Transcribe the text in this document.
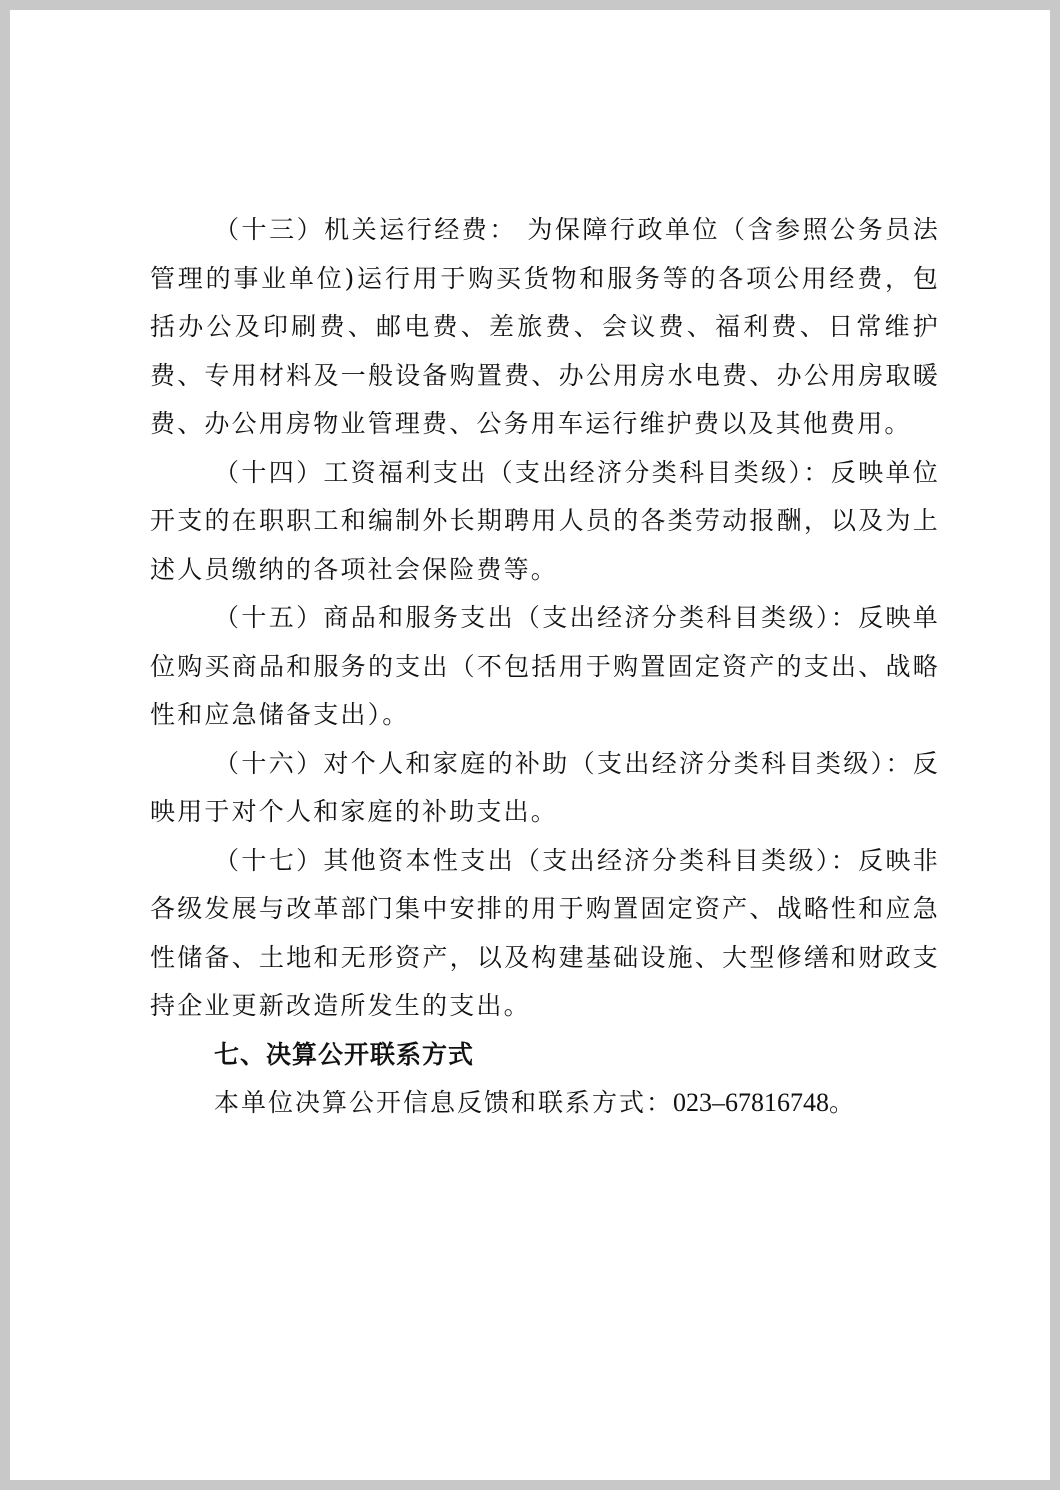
（十三）机关运行经费： 为保障行政单位（含参照公务员法管理的事业单位)运行用于购买货物和服务等的各项公用经费，包括办公及印刷费、邮电费、差旅费、会议费、福利费、日常维护　费、专用材料及一般设备购置费、办公用房水电费、办公用房取暖费、办公用房物业管理费、公务用车运行维护费以及其他费用。

（十四）工资福利支出（支出经济分类科目类级）：反映单位开支的在职职工和编制外长期聘用人员的各类劳动报酬，以及为上述人员缴纳的各项社会保险费等。

（十五）商品和服务支出（支出经济分类科目类级）：反映单位购买商品和服务的支出（不包括用于购置固定资产的支出、战略性和应急储备支出）。

（十六）对个人和家庭的补助（支出经济分类科目类级）：反映用于对个人和家庭的补助支出。

（十七）其他资本性支出（支出经济分类科目类级）：反映非各级发展与改革部门集中安排的用于购置固定资产、战略性和应急性储备、土地和无形资产，以及构建基础设施、大型修缮和财政支持企业更新改造所发生的支出。

七、决算公开联系方式

本单位决算公开信息反馈和联系方式：023–67816748。
